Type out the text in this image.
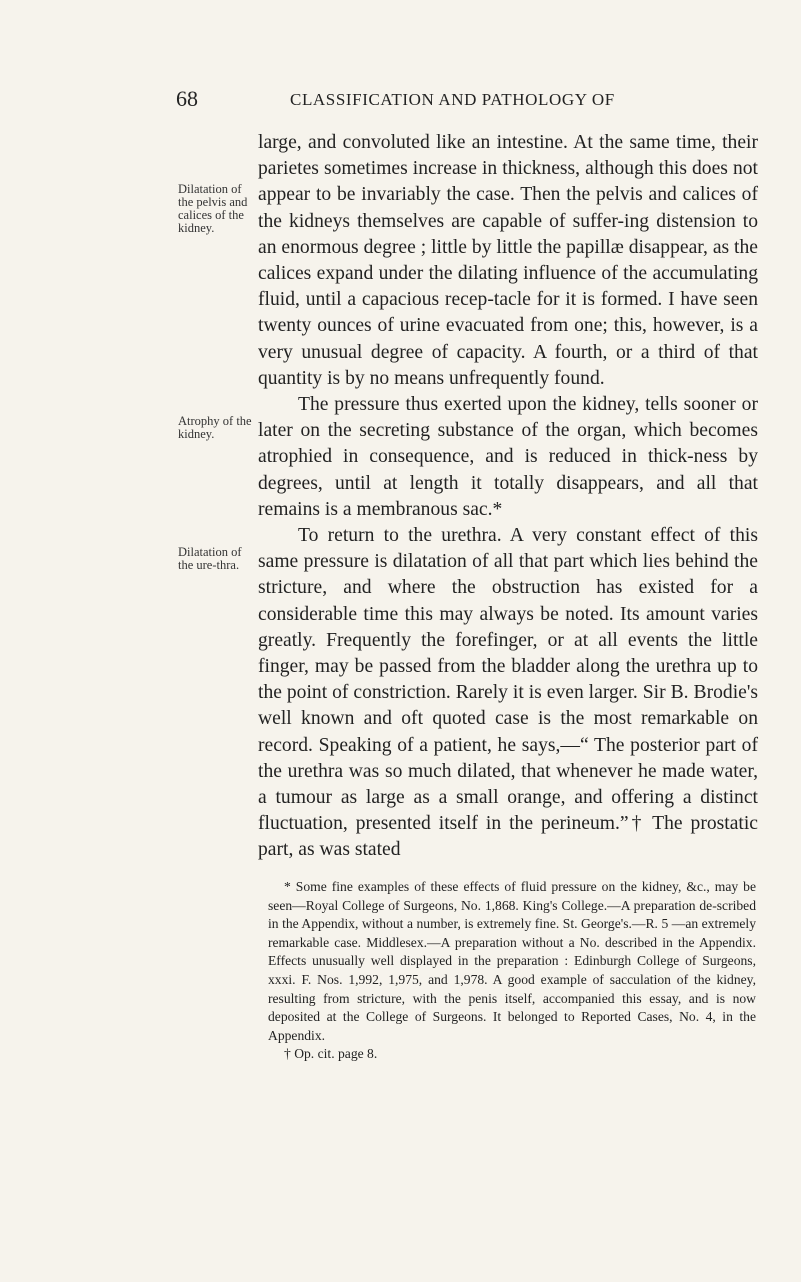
68	CLASSIFICATION AND PATHOLOGY OF
Dilatation of the pelvis and calices of the kidney.
Atrophy of the kidney.
Dilatation of the ure-thra.

large, and convoluted like an intestine. At the same time, their parietes sometimes increase in thickness, although this does not appear to be invariably the case. Then the pelvis and calices of the kidneys themselves are capable of suffer-ing distension to an enormous degree ; little by little the papillæ disappear, as the calices expand under the dilating influence of the accumulating fluid, until a capacious recep-tacle for it is formed. I have seen twenty ounces of urine evacuated from one; this, however, is a very unusual degree of capacity. A fourth, or a third of that quantity is by no means unfrequently found.

The pressure thus exerted upon the kidney, tells sooner or later on the secreting substance of the organ, which becomes atrophied in consequence, and is reduced in thick-ness by degrees, until at length it totally disappears, and all that remains is a membranous sac.*

To return to the urethra. A very constant effect of this same pressure is dilatation of all that part which lies behind the stricture, and where the obstruction has existed for a considerable time this may always be noted. Its amount varies greatly. Frequently the forefinger, or at all events the little finger, may be passed from the bladder along the urethra up to the point of constriction. Rarely it is even larger. Sir B. Brodie's well known and oft quoted case is the most remarkable on record. Speaking of a patient, he says,—“ The posterior part of the urethra was so much dilated, that whenever he made water, a tumour as large as a small orange, and offering a distinct fluctuation, presented itself in the perineum.”† The prostatic part, as was stated

* Some fine examples of these effects of fluid pressure on the kidney, &c., may be seen—Royal College of Surgeons, No. 1,868. King's College.—A preparation de-scribed in the Appendix, without a number, is extremely fine. St. George's.—R. 5 —an extremely remarkable case. Middlesex.—A preparation without a No. described in the Appendix. Effects unusually well displayed in the preparation : Edinburgh College of Surgeons, xxxi. F. Nos. 1,992, 1,975, and 1,978. A good example of sacculation of the kidney, resulting from stricture, with the penis itself, accompanied this essay, and is now deposited at the College of Surgeons. It belonged to Reported Cases, No. 4, in the Appendix.

† Op. cit. page 8.
